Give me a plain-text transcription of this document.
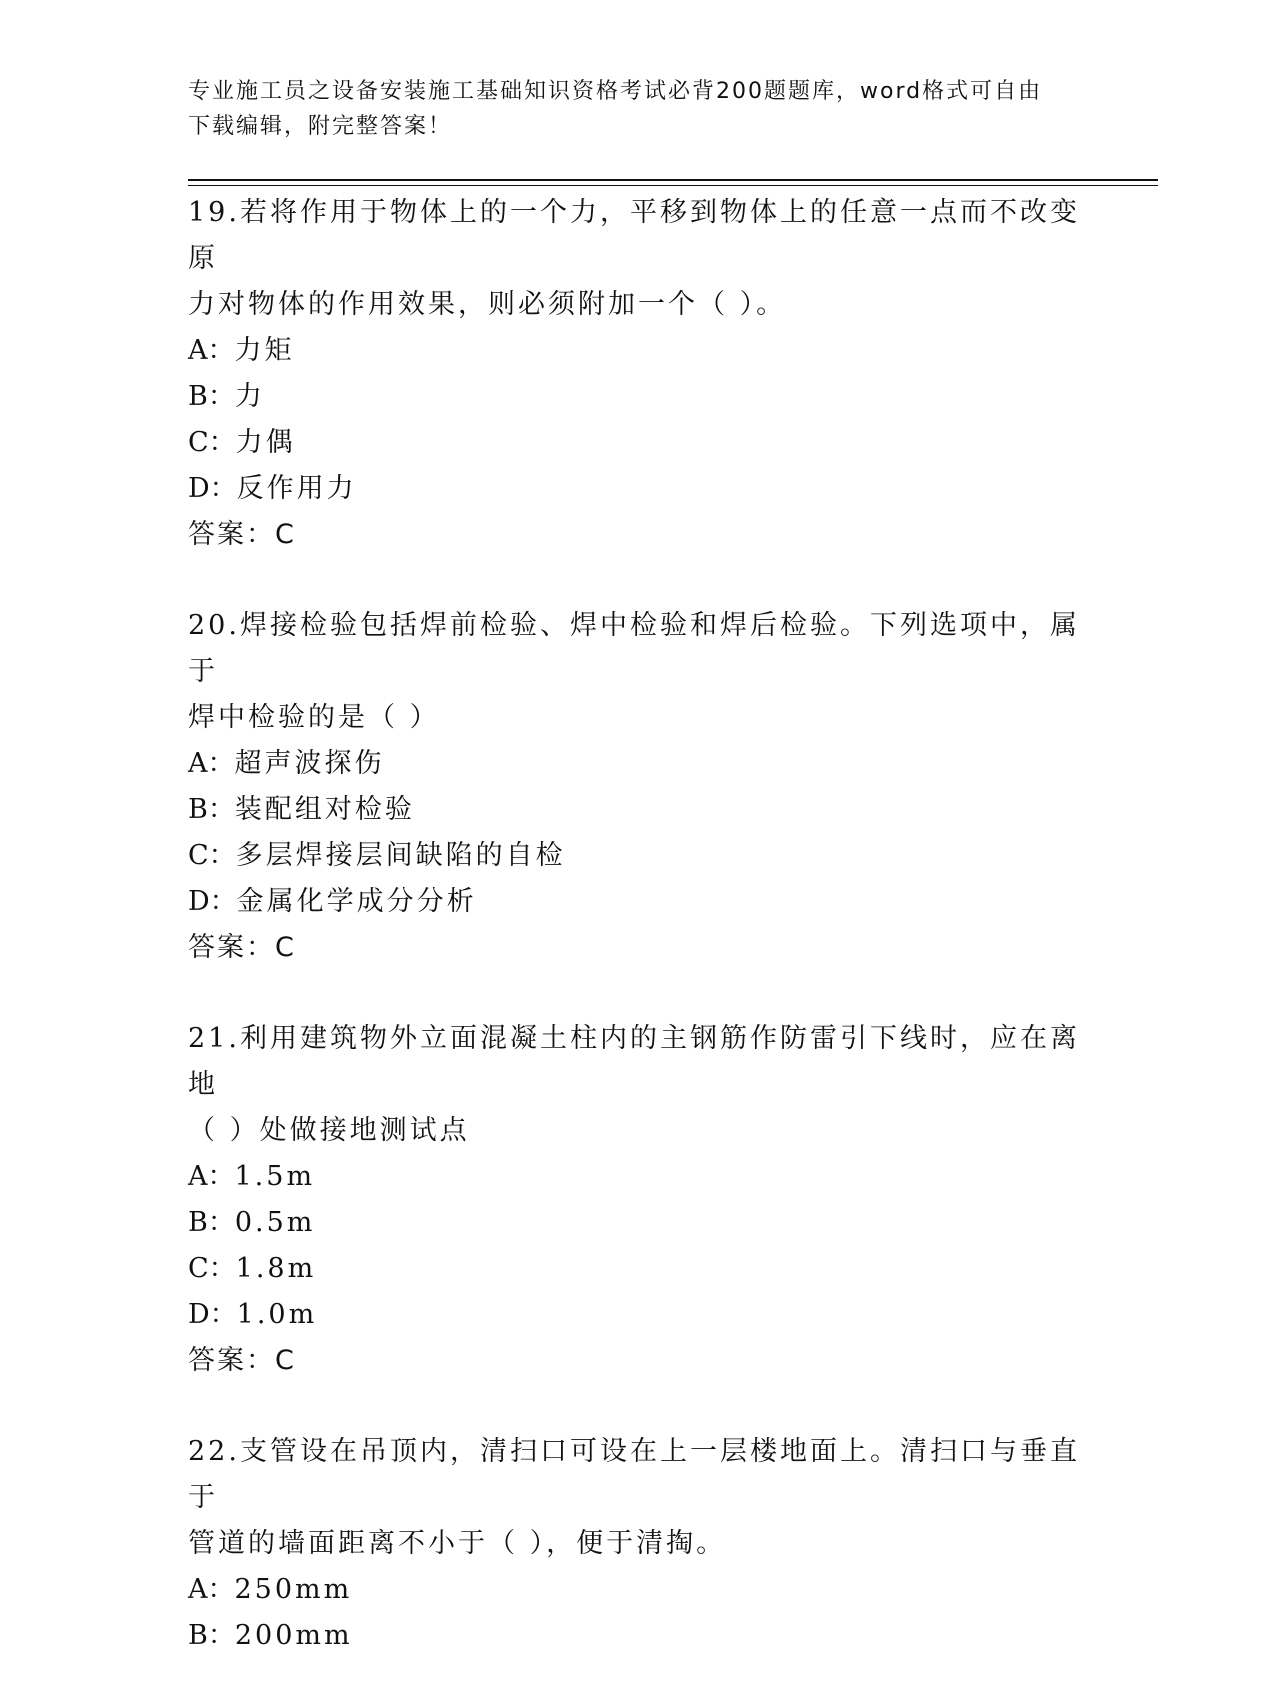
专业施工员之设备安装施工基础知识资格考试必背200题题库，word格式可自由
下载编辑，附完整答案！
19.若将作用于物体上的一个力，平移到物体上的任意一点而不改变原
力对物体的作用效果，则必须附加一个（ ）。
A：力矩
B：力
C：力偶
D：反作用力
答案：C
20.焊接检验包括焊前检验、焊中检验和焊后检验。下列选项中，属于
焊中检验的是（ ）
A：超声波探伤
B：装配组对检验
C：多层焊接层间缺陷的自检
D：金属化学成分分析
答案：C
21.利用建筑物外立面混凝土柱内的主钢筋作防雷引下线时，应在离地
（ ）处做接地测试点
A：1.5m
B：0.5m
C：1.8m
D：1.0m
答案：C
22.支管设在吊顶内，清扫口可设在上一层楼地面上。清扫口与垂直于
管道的墙面距离不小于（ ），便于清掏。
A：250mm
B：200mm
